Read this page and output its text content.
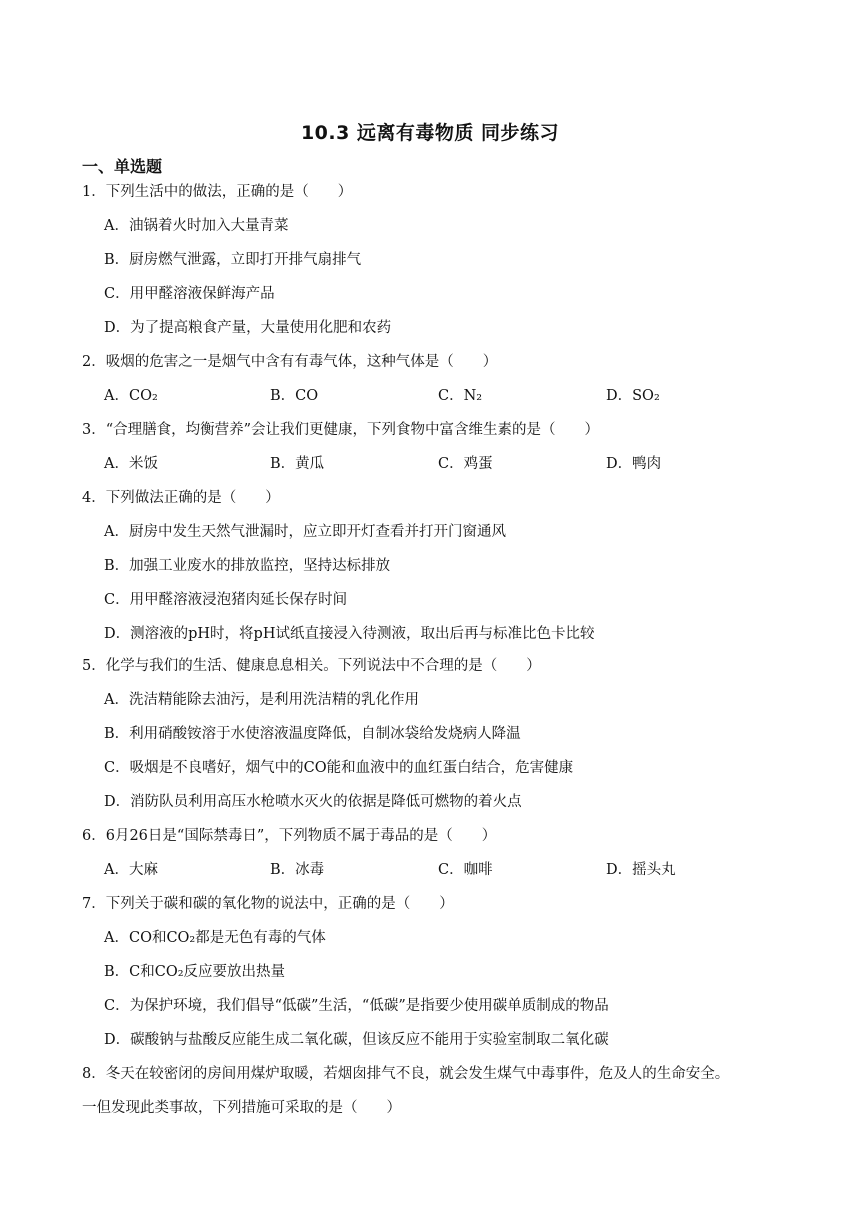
10.3 远离有毒物质 同步练习
一、单选题
1．下列生活中的做法，正确的是（　　）
A．油锅着火时加入大量青菜
B．厨房燃气泄露，立即打开排气扇排气
C．用甲醛溶液保鲜海产品
D．为了提高粮食产量，大量使用化肥和农药
2．吸烟的危害之一是烟气中含有有毒气体，这种气体是（　　）
A．CO₂	B．CO	C．N₂	D．SO₂
3．“合理膳食，均衡营养”会让我们更健康，下列食物中富含维生素的是（　　）
A．米饭	B．黄瓜	C．鸡蛋	D．鸭肉
4．下列做法正确的是（　　）
A．厨房中发生天然气泄漏时，应立即开灯查看并打开门窗通风
B．加强工业废水的排放监控，坚持达标排放
C．用甲醛溶液浸泡猪肉延长保存时间
D．测溶液的pH时，将pH试纸直接浸入待测液，取出后再与标准比色卡比较
5．化学与我们的生活、健康息息相关。下列说法中不合理的是（　　）
A．洗洁精能除去油污，是利用洗洁精的乳化作用
B．利用硝酸铵溶于水使溶液温度降低，自制冰袋给发烧病人降温
C．吸烟是不良嗜好，烟气中的CO能和血液中的血红蛋白结合，危害健康
D．消防队员利用高压水枪喷水灭火的依据是降低可燃物的着火点
6．6月26日是“国际禁毒日”，下列物质不属于毒品的是（　　）
A．大麻	B．冰毒	C．咖啡	D．摇头丸
7．下列关于碳和碳的氧化物的说法中，正确的是（　　）
A．CO和CO₂都是无色有毒的气体
B．C和CO₂反应要放出热量
C．为保护环境，我们倡导“低碳”生活，“低碳”是指要少使用碳单质制成的物品
D．碳酸钠与盐酸反应能生成二氧化碳，但该反应不能用于实验室制取二氧化碳
8．冬天在较密闭的房间用煤炉取暖，若烟囱排气不良，就会发生煤气中毒事件，危及人的生命安全。
一但发现此类事故，下列措施可采取的是（　　）
